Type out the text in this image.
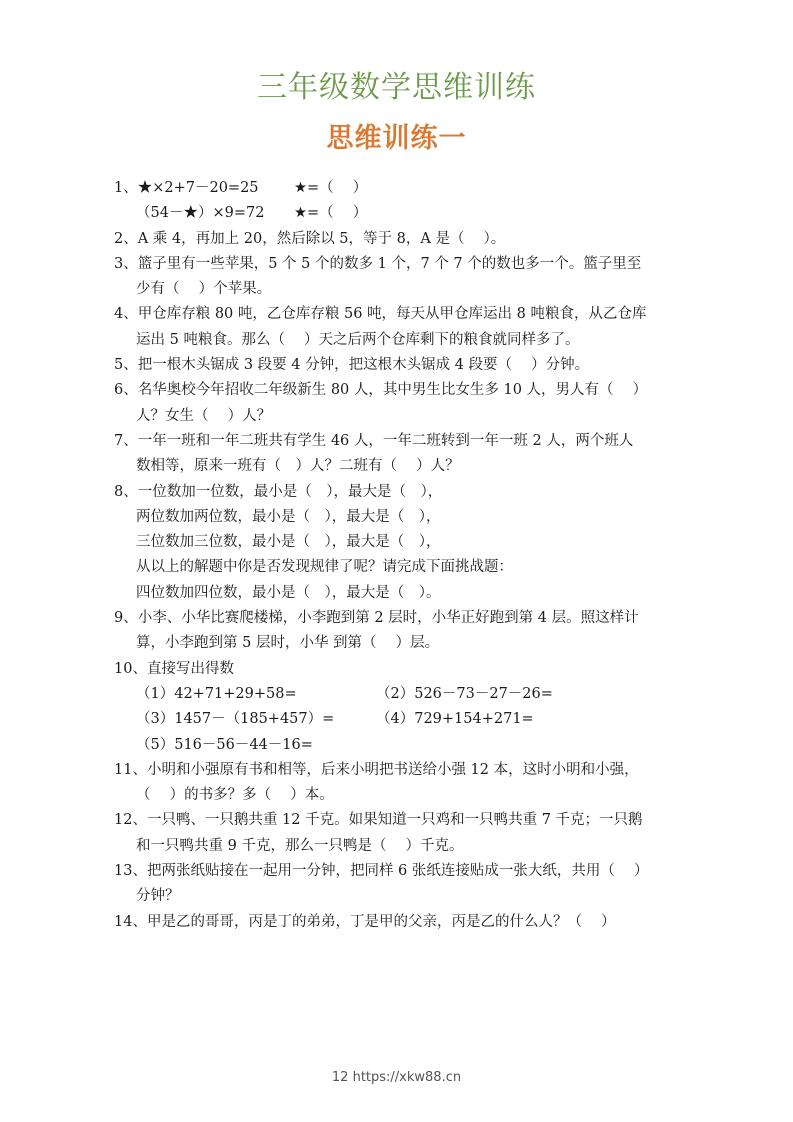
三年级数学思维训练
思维训练一
1、★×2+7－20=25	★=（　 ）
（54－★）×9=72	★=（　 ）
2、A 乘 4，再加上 20，然后除以 5，等于 8，A 是（　 ）。
3、篮子里有一些苹果，5 个 5 个的数多 1 个，7 个 7 个的数也多一个。篮子里至
少有（　 ）个苹果。
4、甲仓库存粮 80 吨，乙仓库存粮 56 吨，每天从甲仓库运出 8 吨粮食，从乙仓库
运出 5 吨粮食。那么（　 ）天之后两个仓库剩下的粮食就同样多了。
5、把一根木头锯成 3 段要 4 分钟，把这根木头锯成 4 段要（　 ）分钟。
6、名华奥校今年招收二年级新生 80 人，其中男生比女生多 10 人，男人有（　 ）
人？女生（　 ）人？
7、一年一班和一年二班共有学生 46 人，一年二班转到一年一班 2 人，两个班人
数相等，原来一班有（　）人？二班有（　 ）人？
8、一位数加一位数，最小是（　），最大是（　），
两位数加两位数，最小是（　），最大是（　），
三位数加三位数，最小是（　），最大是（　），
从以上的解题中你是否发现规律了呢？请完成下面挑战题：
四位数加四位数，最小是（　），最大是（　）。
9、小李、小华比赛爬楼梯，小李跑到第 2 层时，小华正好跑到第 4 层。照这样计
算，小李跑到第 5 层时，小华 到第（　 ）层。
10、直接写出得数
（1）42+71+29+58=	（2）526－73－27－26=
（3）1457－（185+457）=	（4）729+154+271=
（5）516－56－44－16=
11、小明和小强原有书和相等，后来小明把书送给小强 12 本，这时小明和小强，
（　 ）的书多？多（　 ）本。
12、一只鸭、一只鹅共重 12 千克。如果知道一只鸡和一只鸭共重 7 千克；一只鹅
和一只鸭共重 9 千克，那么一只鸭是（　 ）千克。
13、把两张纸贴接在一起用一分钟，把同样 6 张纸连接贴成一张大纸，共用（　 ）
分钟？
14、甲是乙的哥哥，丙是丁的弟弟，丁是甲的父亲，丙是乙的什么人？（　 ）
12 https://xkw88.cn
